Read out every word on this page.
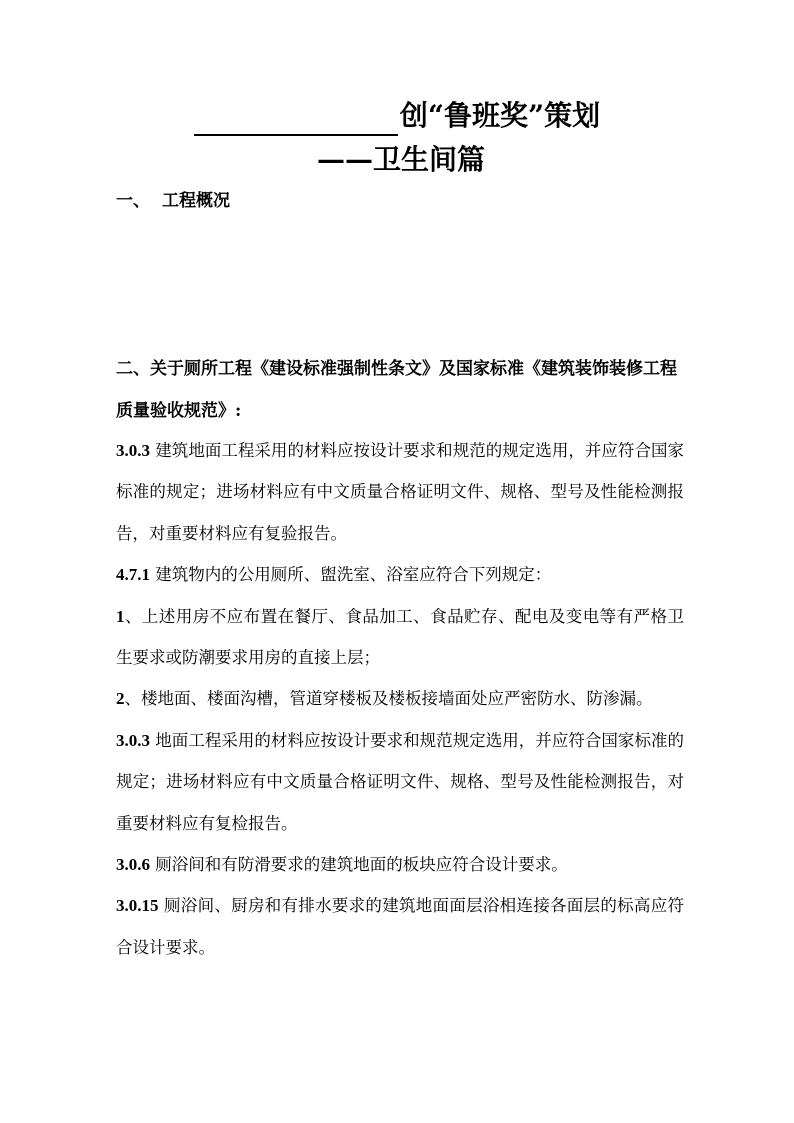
创“鲁班奖”策划
——卫生间篇
一、 工程概况
二、关于厕所工程《建设标准强制性条文》及国家标准《建筑装饰装修工程质量验收规范》:

3.0.3 建筑地面工程采用的材料应按设计要求和规范的规定选用，并应符合国家标准的规定；进场材料应有中文质量合格证明文件、规格、型号及性能检测报告，对重要材料应有复验报告。

4.7.1 建筑物内的公用厕所、盥洗室、浴室应符合下列规定：

1、上述用房不应布置在餐厅、食品加工、食品贮存、配电及变电等有严格卫生要求或防潮要求用房的直接上层；

2、楼地面、楼面沟槽，管道穿楼板及楼板接墙面处应严密防水、防渗漏。

3.0.3 地面工程采用的材料应按设计要求和规范规定选用，并应符合国家标准的规定；进场材料应有中文质量合格证明文件、规格、型号及性能检测报告，对重要材料应有复检报告。

3.0.6 厕浴间和有防滑要求的建筑地面的板块应符合设计要求。

3.0.15 厕浴间、厨房和有排水要求的建筑地面面层浴相连接各面层的标高应符合设计要求。
